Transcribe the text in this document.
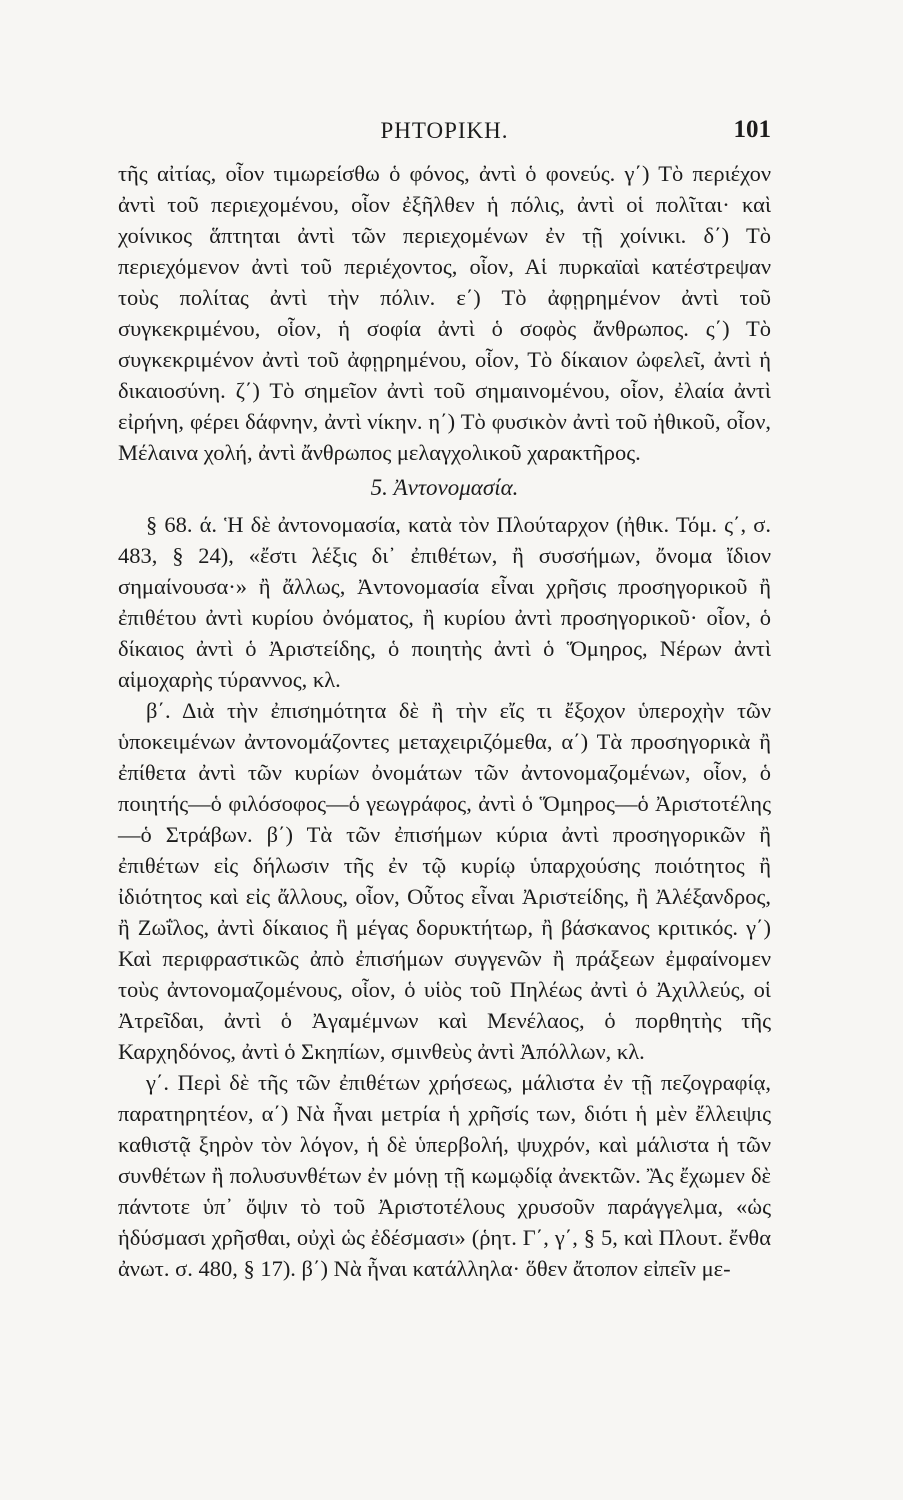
ΡΗΤΟΡΙΚΗ.	101

τῆς αἰτίας, οἷον τιμωρείσθω ὁ φόνος, ἀντὶ ὁ φονεύς. γ΄) Τὸ περιέχον ἀντὶ τοῦ περιεχομένου, οἷον ἐξῆλθεν ἡ πόλις, ἀντὶ οἱ πολῖται· καὶ χοίνικος ἅπτηται ἀντὶ τῶν περιεχομένων ἐν τῇ χοίνικι. δ΄) Τὸ περιεχόμενον ἀντὶ τοῦ περιέχοντος, οἷον, Αἱ πυρκαϊαὶ κατέστρεψαν τοὺς πολίτας ἀντὶ τὴν πόλιν. ε΄) Τὸ ἀφῃρημένον ἀντὶ τοῦ συγκεκριμένου, οἷον, ἡ σοφία ἀντὶ ὁ σοφὸς ἄνθρωπος. ς΄) Τὸ συγκεκριμένον ἀντὶ τοῦ ἀφῃρημένου, οἷον, Τὸ δίκαιον ὠφελεῖ, ἀντὶ ἡ δικαιοσύνη. ζ΄) Τὸ σημεῖον ἀντὶ τοῦ σημαινομένου, οἷον, ἐλαία ἀντὶ εἰρήνη, φέρει δάφνην, ἀντὶ νίκην. η΄) Τὸ φυσικὸν ἀντὶ τοῦ ἠθικοῦ, οἷον, Μέλαινα χολή, ἀντὶ ἄνθρωπος μελαγχολικοῦ χαρακτῆρος.

5. Ἀντονομασία.

§ 68. ά. Ἡ δὲ ἀντονομασία, κατὰ τὸν Πλούταρχον (ἠθικ. Τόμ. ς΄, σ. 483, § 24), «ἔστι λέξις δι᾿ ἐπιθέτων, ἢ συσσήμων, ὄνομα ἴδιον σημαίνουσα·» ἢ ἄλλως, Ἀντονομασία εἶναι χρῆσις προσηγορικοῦ ἢ ἐπιθέτου ἀντὶ κυρίου ὀνόματος, ἢ κυρίου ἀντὶ προσηγορικοῦ· οἷον, ὁ δίκαιος ἀντὶ ὁ Ἀριστείδης, ὁ ποιητὴς ἀντὶ ὁ Ὅμηρος, Νέρων ἀντὶ αἱμοχαρὴς τύραννος, κλ.

β΄. Διὰ τὴν ἐπισημότητα δὲ ἢ τὴν εἴς τι ἔξοχον ὑπεροχὴν τῶν ὑποκειμένων ἀντονομάζοντες μεταχειριζόμεθα, α΄) Τὰ προσηγορικὰ ἢ ἐπίθετα ἀντὶ τῶν κυρίων ὀνομάτων τῶν ἀντονομαζομένων, οἷον, ὁ ποιητής—ὁ φιλόσοφος—ὁ γεωγράφος, ἀντὶ ὁ Ὅμηρος—ὁ Ἀριστοτέλης—ὁ Στράβων. β΄) Τὰ τῶν ἐπισήμων κύρια ἀντὶ προσηγορικῶν ἢ ἐπιθέτων εἰς δήλωσιν τῆς ἐν τῷ κυρίῳ ὑπαρχούσης ποιότητος ἢ ἰδιότητος καὶ εἰς ἄλλους, οἷον, Οὗτος εἶναι Ἀριστείδης, ἢ Ἀλέξανδρος, ἢ Ζωΐλος, ἀντὶ δίκαιος ἢ μέγας δορυκτήτωρ, ἢ βάσκανος κριτικός. γ΄) Καὶ περιφραστικῶς ἀπὸ ἐπισήμων συγγενῶν ἢ πράξεων ἐμφαίνομεν τοὺς ἀντονομαζομένους, οἷον, ὁ υἱὸς τοῦ Πηλέως ἀντὶ ὁ Ἀχιλλεύς, οἱ Ἀτρεῖδαι, ἀντὶ ὁ Ἀγαμέμνων καὶ Μενέλαος, ὁ πορθητὴς τῆς Καρχηδόνος, ἀντὶ ὁ Σκηπίων, σμινθεὺς ἀντὶ Ἀπόλλων, κλ.

γ΄. Περὶ δὲ τῆς τῶν ἐπιθέτων χρήσεως, μάλιστα ἐν τῇ πεζογραφίᾳ, παρατηρητέον, α΄) Νὰ ἦναι μετρία ἡ χρῆσίς των, διότι ἡ μὲν ἔλλειψις καθιστᾷ ξηρὸν τὸν λόγον, ἡ δὲ ὑπερβολή, ψυχρόν, καὶ μάλιστα ἡ τῶν συνθέτων ἢ πολυσυνθέτων ἐν μόνῃ τῇ κωμῳδίᾳ ἀνεκτῶν. Ἂς ἔχωμεν δὲ πάντοτε ὑπ᾿ ὄψιν τὸ τοῦ Ἀριστοτέλους χρυσοῦν παράγγελμα, «ὡς ἡδύσμασι χρῆσθαι, οὐχὶ ὡς ἐδέσμασι» (ῥητ. Γ΄, γ΄, § 5, καὶ Πλουτ. ἔνθα ἀνωτ. σ. 480, § 17). β΄) Νὰ ἦναι κατάλληλα· ὅθεν ἄτοπον εἰπεῖν με-
